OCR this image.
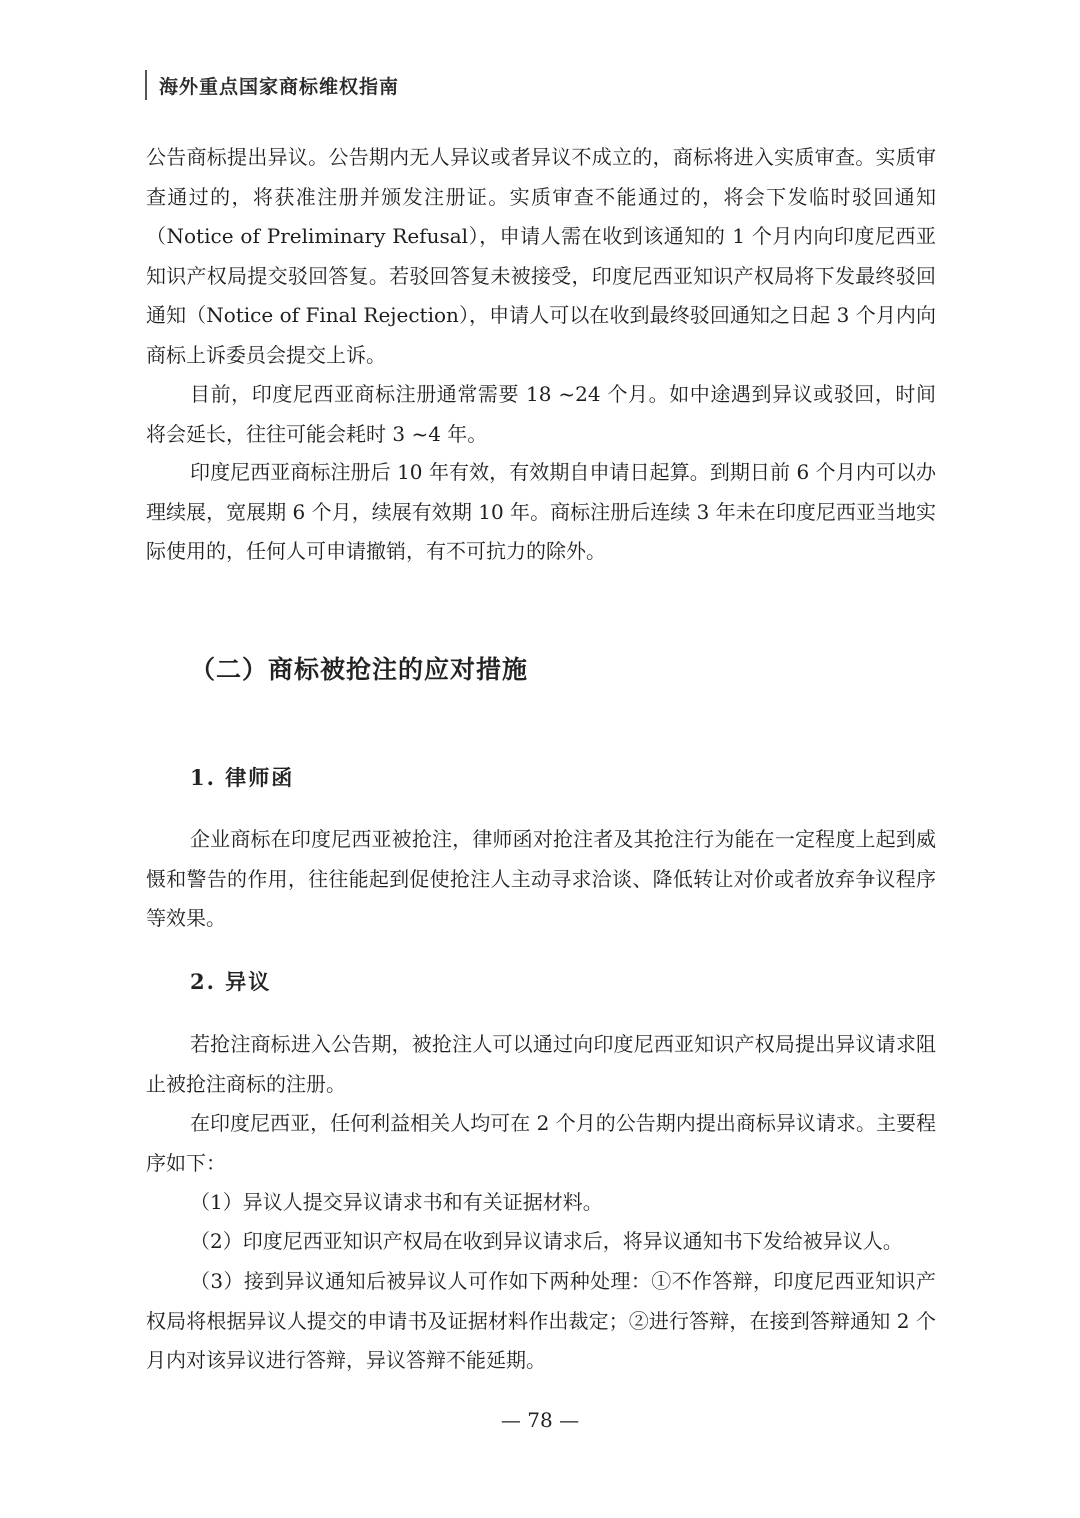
海外重点国家商标维权指南

公告商标提出异议。公告期内无人异议或者异议不成立的，商标将进入实质审查。实质审查通过的，将获准注册并颁发注册证。实质审查不能通过的，将会下发临时驳回通知（Notice of Preliminary Refusal），申请人需在收到该通知的 1 个月内向印度尼西亚知识产权局提交驳回答复。若驳回答复未被接受，印度尼西亚知识产权局将下发最终驳回通知（Notice of Final Rejection），申请人可以在收到最终驳回通知之日起 3 个月内向商标上诉委员会提交上诉。

目前，印度尼西亚商标注册通常需要 18 ~24 个月。如中途遇到异议或驳回，时间将会延长，往往可能会耗时 3 ~4 年。

印度尼西亚商标注册后 10 年有效，有效期自申请日起算。到期日前 6 个月内可以办理续展，宽展期 6 个月，续展有效期 10 年。商标注册后连续 3 年未在印度尼西亚当地实际使用的，任何人可申请撤销，有不可抗力的除外。

（二）商标被抢注的应对措施
1. 律师函

企业商标在印度尼西亚被抢注，律师函对抢注者及其抢注行为能在一定程度上起到威慑和警告的作用，往往能起到促使抢注人主动寻求洽谈、降低转让对价或者放弃争议程序等效果。

2. 异议

若抢注商标进入公告期，被抢注人可以通过向印度尼西亚知识产权局提出异议请求阻止被抢注商标的注册。

在印度尼西亚，任何利益相关人均可在 2 个月的公告期内提出商标异议请求。主要程序如下：

（1）异议人提交异议请求书和有关证据材料。

（2）印度尼西亚知识产权局在收到异议请求后，将异议通知书下发给被异议人。

（3）接到异议通知后被异议人可作如下两种处理：①不作答辩，印度尼西亚知识产权局将根据异议人提交的申请书及证据材料作出裁定；②进行答辩，在接到答辩通知 2 个月内对该异议进行答辩，异议答辩不能延期。

— 78 —
